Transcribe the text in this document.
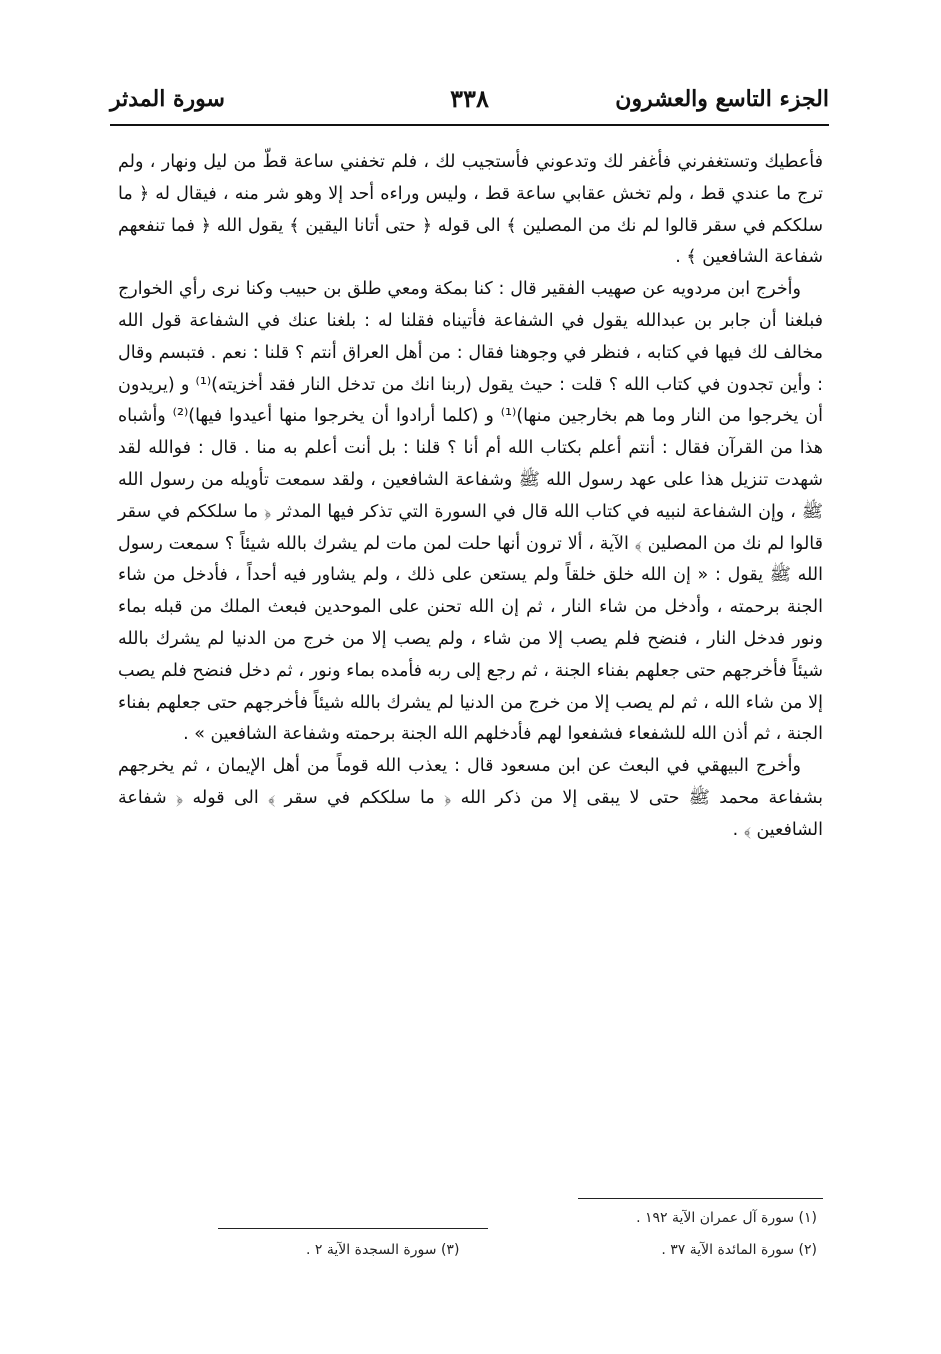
الجزء التاسع والعشرون
٣٣٨
سورة المدثر

فأعطيك وتستغفرني فأغفر لك وتدعوني فأستجيب لك ، فلم تخفني ساعة قطّ من ليل ونهار ، ولم ترج ما عندي قط ، ولم تخش عقابي ساعة قط ، وليس وراءه أحد إلا وهو شر منه ، فيقال له ﴿ ما سلككم في سقر قالوا لم نك من المصلين ﴾ الى قوله ﴿ حتى أتانا اليقين ﴾ يقول الله ﴿ فما تنفعهم شفاعة الشافعين ﴾ .

وأخرج ابن مردويه عن صهيب الفقير قال : كنا بمكة ومعي طلق بن حبيب وكنا نرى رأي الخوارج فبلغنا أن جابر بن عبدالله يقول في الشفاعة فأتيناه فقلنا له : بلغنا عنك في الشفاعة قول الله مخالف لك فيها في كتابه ، فنظر في وجوهنا فقال : من أهل العراق أنتم ؟ قلنا : نعم . فتبسم وقال : وأين تجدون في كتاب الله ؟ قلت : حيث يقول (ربنا انك من تدخل النار فقد أخزيته)⁽¹⁾ و (يريدون أن يخرجوا من النار وما هم بخارجين منها)⁽¹⁾ و (كلما أرادوا أن يخرجوا منها أعيدوا فيها)⁽²⁾ وأشباه هذا من القرآن فقال : أنتم أعلم بكتاب الله أم أنا ؟ قلنا : بل أنت أعلم به منا . قال : فوالله لقد شهدت تنزيل هذا على عهد رسول الله ﷺ وشفاعة الشافعين ، ولقد سمعت تأويله من رسول الله ﷺ ، وإن الشفاعة لنبيه في كتاب الله قال في السورة التي تذكر فيها المدثر ﴿ ما سلككم في سقر قالوا لم نك من المصلين ﴾ الآية ، ألا ترون أنها حلت لمن مات لم يشرك بالله شيئاً ؟ سمعت رسول الله ﷺ يقول : « إن الله خلق خلقاً ولم يستعن على ذلك ، ولم يشاور فيه أحداً ، فأدخل من شاء الجنة برحمته ، وأدخل من شاء النار ، ثم إن الله تحنن على الموحدين فبعث الملك من قبله بماء ونور فدخل النار ، فنضح فلم يصب إلا من شاء ، ولم يصب إلا من خرج من الدنيا لم يشرك بالله شيئاً فأخرجهم حتى جعلهم بفناء الجنة ، ثم رجع إلى ربه فأمده بماء ونور ، ثم دخل فنضح فلم يصب إلا من شاء الله ، ثم لم يصب إلا من خرج من الدنيا لم يشرك بالله شيئاً فأخرجهم حتى جعلهم بفناء الجنة ، ثم أذن الله للشفعاء فشفعوا لهم فأدخلهم الله الجنة برحمته وشفاعة الشافعين » .

وأخرج البيهقي في البعث عن ابن مسعود قال : يعذب الله قوماً من أهل الإيمان ، ثم يخرجهم بشفاعة محمد ﷺ حتى لا يبقى إلا من ذكر الله ﴿ ما سلككم في سقر ﴾ الى قوله ﴿ شفاعة الشافعين ﴾ .

(١) سورة آل عمران الآية ١٩٢ .
(٢) سورة المائدة الآية ٣٧ .
(٣) سورة السجدة الآية ٢ .
